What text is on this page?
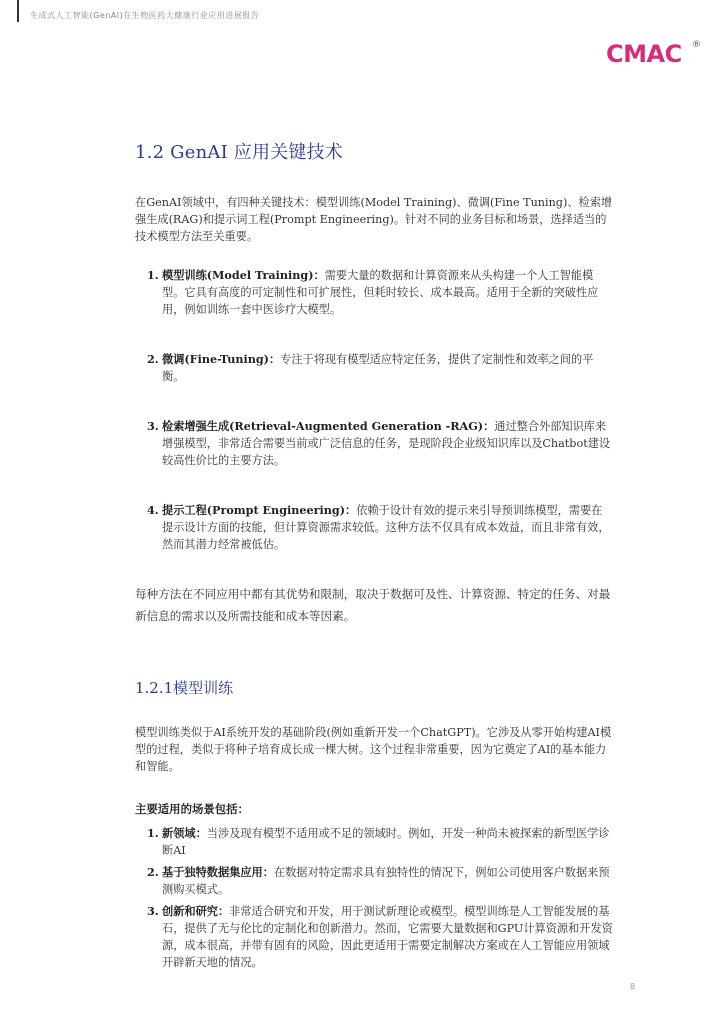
生成式人工智能(GenAI)在生物医药大健康行业应用进展报告
CMAC ®
1.2 GenAI 应用关键技术

在GenAI领域中，有四种关键技术：模型训练(Model Training)、微调(Fine Tuning)、检索增强生成(RAG)和提示词工程(Prompt Engineering)。针对不同的业务目标和场景，选择适当的技术模型方法至关重要。

1. 模型训练(Model Training)：需要大量的数据和计算资源来从头构建一个人工智能模型。它具有高度的可定制性和可扩展性，但耗时较长、成本最高。适用于全新的突破性应用，例如训练一套中医诊疗大模型。
2. 微调(Fine-Tuning)：专注于将现有模型适应特定任务，提供了定制性和效率之间的平衡。
3. 检索增强生成(Retrieval-Augmented Generation -RAG)：通过整合外部知识库来增强模型，非常适合需要当前或广泛信息的任务，是现阶段企业级知识库以及Chatbot建设较高性价比的主要方法。
4. 提示工程(Prompt Engineering)：依赖于设计有效的提示来引导预训练模型，需要在提示设计方面的技能，但计算资源需求较低。这种方法不仅具有成本效益，而且非常有效，然而其潜力经常被低估。

每种方法在不同应用中都有其优势和限制，取决于数据可及性、计算资源、特定的任务、对最新信息的需求以及所需技能和成本等因素。

1.2.1模型训练

模型训练类似于AI系统开发的基础阶段(例如重新开发一个ChatGPT)。它涉及从零开始构建AI模型的过程，类似于将种子培育成长成一棵大树。这个过程非常重要，因为它奠定了AI的基本能力和智能。

主要适用的场景包括：
1. 新领域：当涉及现有模型不适用或不足的领域时。例如，开发一种尚未被探索的新型医学诊断AI
2. 基于独特数据集应用：在数据对特定需求具有独特性的情况下，例如公司使用客户数据来预测购买模式。
3. 创新和研究：非常适合研究和开发，用于测试新理论或模型。模型训练是人工智能发展的基石，提供了无与伦比的定制化和创新潜力。然而，它需要大量数据和GPU计算资源和开发资源，成本很高，并带有固有的风险，因此更适用于需要定制解决方案或在人工智能应用领域开辟新天地的情况。
8
